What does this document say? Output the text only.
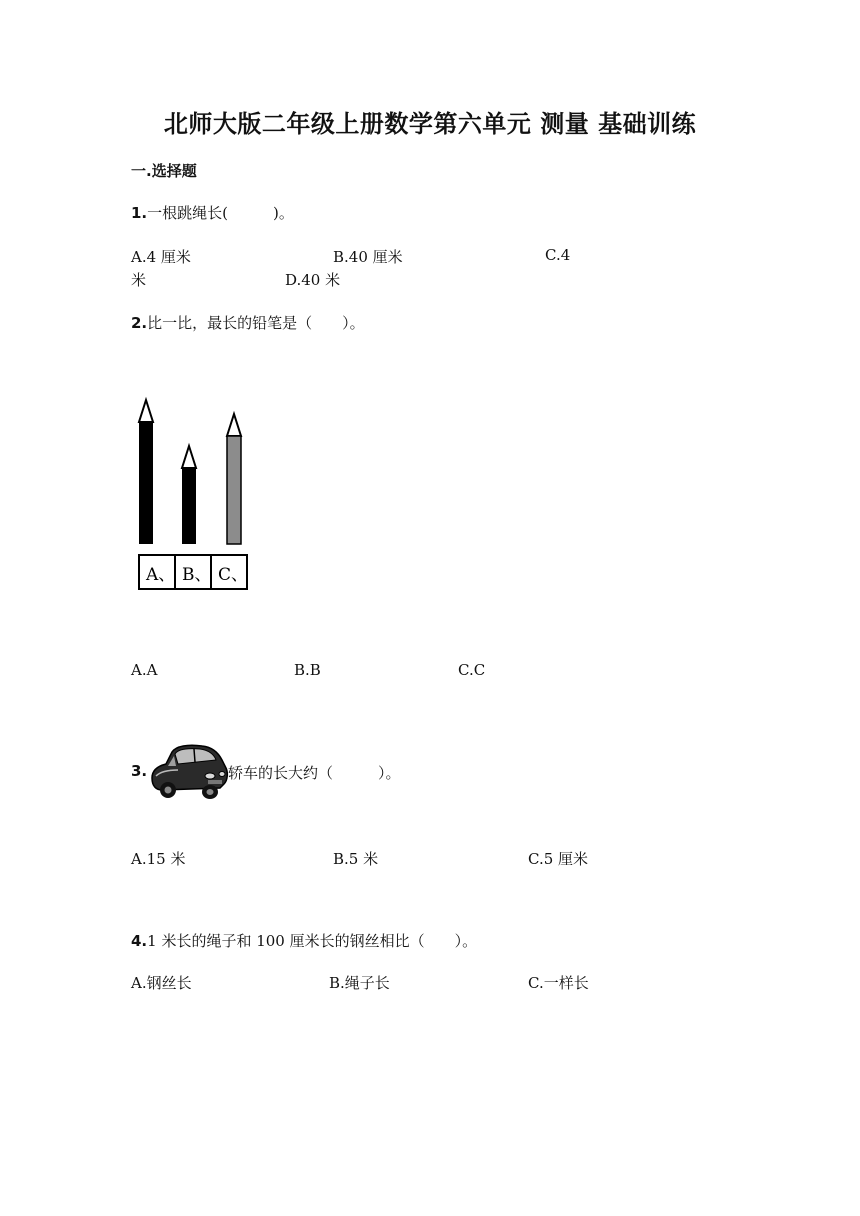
北师大版二年级上册数学第六单元 测量 基础训练
一.选择题
1.一根跳绳长(　　　)。
A.4 厘米	B.40 厘米	C.4
米	D.40 米
2.比一比，最长的铅笔是（　　）。
A、 B、 C、
A.A	B.B	C.C
3.	轿车的长大约（　　　）。
A.15 米	B.5 米	C.5 厘米
4.1 米长的绳子和 100 厘米长的钢丝相比（　　）。
A.钢丝长	B.绳子长	C.一样长
